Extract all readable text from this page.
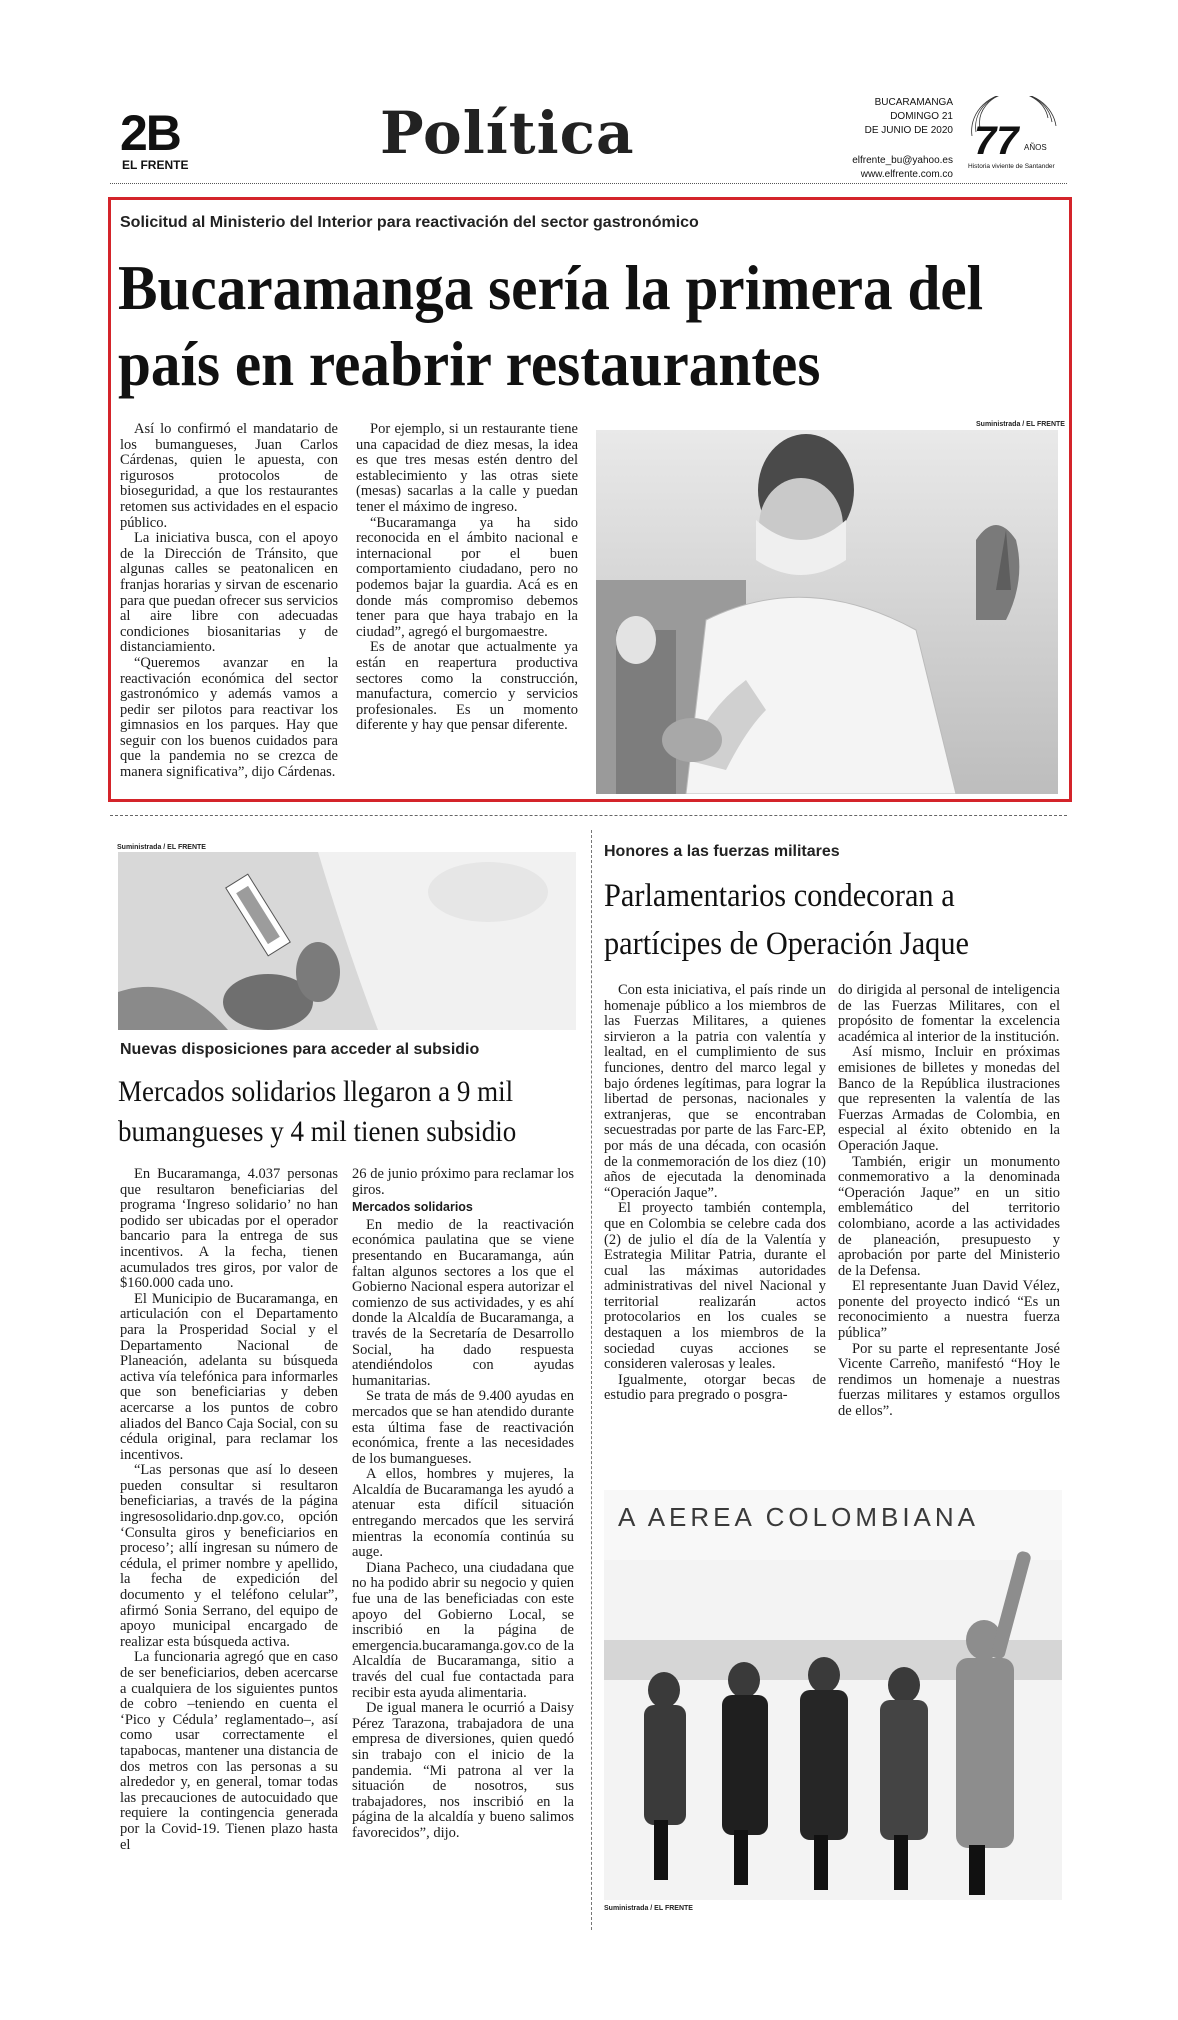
2B
EL FRENTE	Política	BUCARAMANGA
DOMINGO 21
DE JUNIO DE 2020
elfrente_bu@yahoo.es
www.elfrente.com.co
77 AÑOS
Historia viviente de Santander
Solicitud al Ministerio del Interior para reactivación del sector gastronómico
Bucaramanga sería la primera del país en reabrir restaurantes

Así lo confirmó el mandatario de los bumangueses, Juan Carlos Cárdenas, quien le apuesta, con rigurosos protocolos de bioseguridad, a que los restaurantes retomen sus actividades en el espacio público.

La iniciativa busca, con el apoyo de la Dirección de Tránsito, que algunas calles se peatonalicen en franjas horarias y sirvan de escenario para que puedan ofrecer sus servicios al aire libre con adecuadas condiciones biosanitarias y de distanciamiento.

“Queremos avanzar en la reactivación económica del sector gastronómico y además vamos a pedir ser pilotos para reactivar los gimnasios en los parques. Hay que seguir con los buenos cuidados para que la pandemia no se crezca de manera significativa”, dijo Cárdenas.

Por ejemplo, si un restaurante tiene una capacidad de diez mesas, la idea es que tres mesas estén dentro del establecimiento y las otras siete (mesas) sacarlas a la calle y puedan tener el máximo de ingreso.

“Bucaramanga ya ha sido reconocida en el ámbito nacional e internacional por el buen comportamiento ciudadano, pero no podemos bajar la guardia. Acá es en donde más compromiso debemos tener para que haya trabajo en la ciudad”, agregó el burgomaestre.

Es de anotar que actualmente ya están en reapertura productiva sectores como la construcción, manufactura, comercio y servicios profesionales. Es un momento diferente y hay que pensar diferente.

Suministrada / EL FRENTE
Suministrada / EL FRENTE
Nuevas disposiciones para acceder al subsidio
Mercados solidarios llegaron a 9 mil bumangueses y 4 mil tienen subsidio

En Bucaramanga, 4.037 personas que resultaron beneficiarias del programa ‘Ingreso solidario’ no han podido ser ubicadas por el operador bancario para la entrega de sus incentivos. A la fecha, tienen acumulados tres giros, por valor de $160.000 cada uno.

El Municipio de Bucaramanga, en articulación con el Departamento para la Prosperidad Social y el Departamento Nacional de Planeación, adelanta su búsqueda activa vía telefónica para informarles que son beneficiarias y deben acercarse a los puntos de cobro aliados del Banco Caja Social, con su cédula original, para reclamar los incentivos.

“Las personas que así lo deseen pueden consultar si resultaron beneficiarias, a través de la página ingresosolidario.dnp.gov.co, opción ‘Consulta giros y beneficiarios en proceso’; allí ingresan su número de cédula, el primer nombre y apellido, la fecha de expedición del documento y el teléfono celular”, afirmó Sonia Serrano, del equipo de apoyo municipal encargado de realizar esta búsqueda activa.

La funcionaria agregó que en caso de ser beneficiarios, deben acercarse a cualquiera de los siguientes puntos de cobro –teniendo en cuenta el ‘Pico y Cédula’ reglamentado–, así como usar correctamente el tapabocas, mantener una distancia de dos metros con las personas a su alrededor y, en general, tomar todas las precauciones de autocuidado que requiere la contingencia generada por la Covid-19. Tienen plazo hasta el

26 de junio próximo para reclamar los giros.

Mercados solidarios

En medio de la reactivación económica paulatina que se viene presentando en Bucaramanga, aún faltan algunos sectores a los que el Gobierno Nacional espera autorizar el comienzo de sus actividades, y es ahí donde la Alcaldía de Bucaramanga, a través de la Secretaría de Desarrollo Social, ha dado respuesta atendiéndolos con ayudas humanitarias.

Se trata de más de 9.400 ayudas en mercados que se han atendido durante esta última fase de reactivación económica, frente a las necesidades de los bumangueses.

A ellos, hombres y mujeres, la Alcaldía de Bucaramanga les ayudó a atenuar esta difícil situación entregando mercados que les servirá mientras la economía continúa su auge.

Diana Pacheco, una ciudadana que no ha podido abrir su negocio y quien fue una de las beneficiadas con este apoyo del Gobierno Local, se inscribió en la página de emergencia.bucaramanga.gov.co de la Alcaldía de Bucaramanga, sitio a través del cual fue contactada para recibir esta ayuda alimentaria.

De igual manera le ocurrió a Daisy Pérez Tarazona, trabajadora de una empresa de diversiones, quien quedó sin trabajo con el inicio de la pandemia. “Mi patrona al ver la situación de nosotros, sus trabajadores, nos inscribió en la página de la alcaldía y bueno salimos favorecidos”, dijo.

Honores a las fuerzas militares
Parlamentarios condecoran a partícipes de Operación Jaque

Con esta iniciativa, el país rinde un homenaje público a los miembros de las Fuerzas Militares, a quienes sirvieron a la patria con valentía y lealtad, en el cumplimiento de sus funciones, dentro del marco legal y bajo órdenes legítimas, para lograr la libertad de personas, nacionales y extranjeras, que se encontraban secuestradas por parte de las Farc-EP, por más de una década, con ocasión de la conmemoración de los diez (10) años de ejecutada la denominada “Operación Jaque”.

El proyecto también contempla, que en Colombia se celebre cada dos (2) de julio el día de la Valentía y Estrategia Militar Patria, durante el cual las máximas autoridades administrativas del nivel Nacional y territorial realizarán actos protocolarios en los cuales se destaquen a los miembros de la sociedad cuyas acciones se consideren valerosas y leales.

Igualmente, otorgar becas de estudio para pregrado o posgra-

do dirigida al personal de inteligencia de las Fuerzas Militares, con el propósito de fomentar la excelencia académica al interior de la institución.

Así mismo, Incluir en próximas emisiones de billetes y monedas del Banco de la República ilustraciones que representen la valentía de las Fuerzas Armadas de Colombia, en especial al éxito obtenido en la Operación Jaque.

También, erigir un monumento conmemorativo a la denominada “Operación Jaque” en un sitio emblemático del territorio colombiano, acorde a las actividades de planeación, presupuesto y aprobación por parte del Ministerio de la Defensa.

El representante Juan David Vélez, ponente del proyecto indicó “Es un reconocimiento a nuestra fuerza pública”

Por su parte el representante José Vicente Carreño, manifestó “Hoy le rendimos un homenaje a nuestras fuerzas militares y estamos orgullos de ellos”.

A AEREA COLOMBIANA
Suministrada / EL FRENTE
